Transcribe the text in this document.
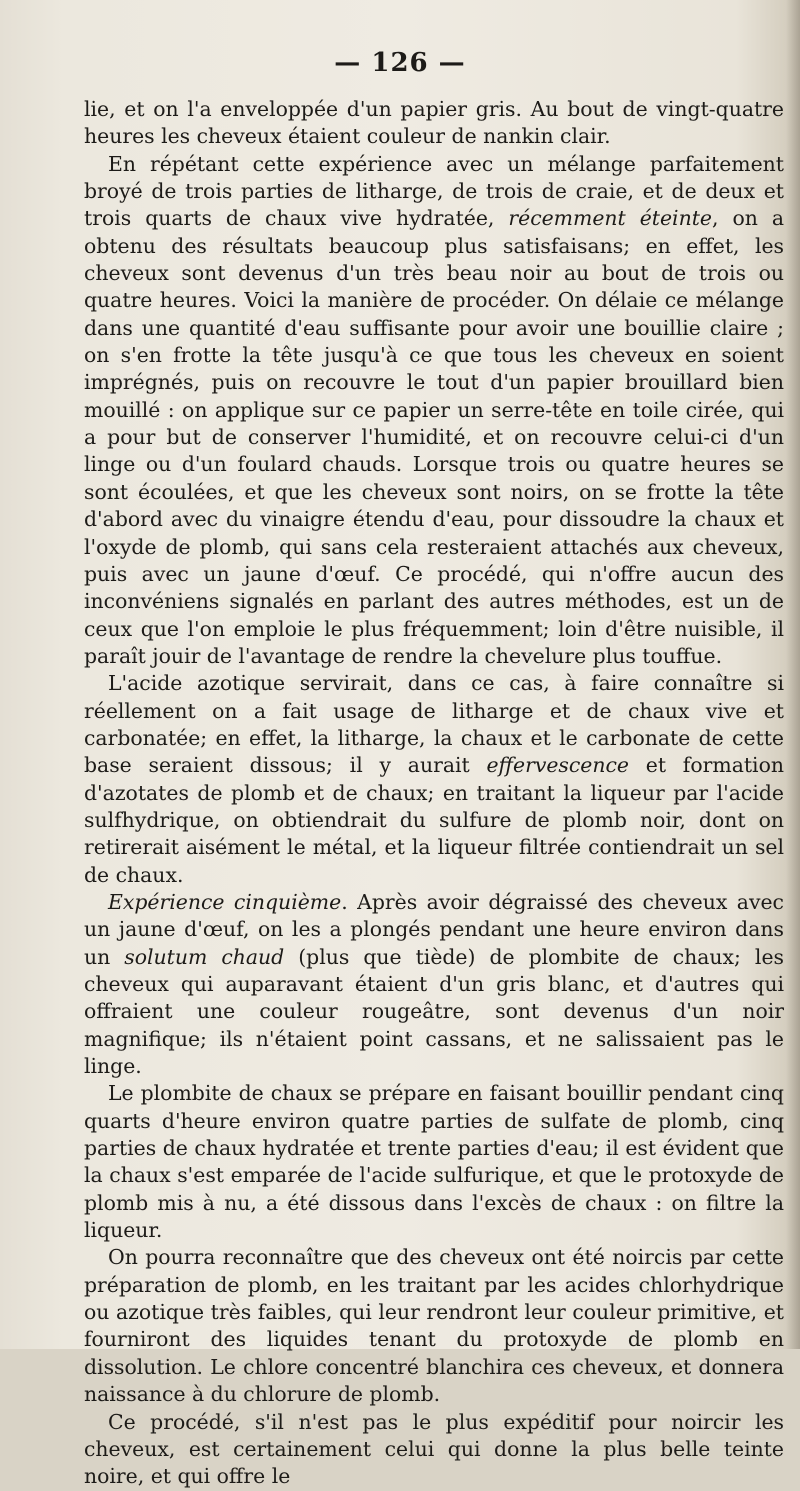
— 126 —

lie, et on l'a enveloppée d'un papier gris. Au bout de vingt-quatre heures les cheveux étaient couleur de nankin clair.

En répétant cette expérience avec un mélange parfaitement broyé de trois parties de litharge, de trois de craie, et de deux et trois quarts de chaux vive hydratée, récemment éteinte, on a obtenu des résultats beaucoup plus satisfaisans; en effet, les cheveux sont devenus d'un très beau noir au bout de trois ou quatre heures. Voici la manière de procéder. On délaie ce mélange dans une quantité d'eau suffisante pour avoir une bouillie claire ; on s'en frotte la tête jusqu'à ce que tous les cheveux en soient imprégnés, puis on recouvre le tout d'un papier brouillard bien mouillé : on applique sur ce papier un serre-tête en toile cirée, qui a pour but de conserver l'humidité, et on recouvre celui-ci d'un linge ou d'un foulard chauds. Lorsque trois ou quatre heures se sont écoulées, et que les cheveux sont noirs, on se frotte la tête d'abord avec du vinaigre étendu d'eau, pour dissoudre la chaux et l'oxyde de plomb, qui sans cela resteraient attachés aux cheveux, puis avec un jaune d'œuf. Ce procédé, qui n'offre aucun des inconvéniens signalés en parlant des autres méthodes, est un de ceux que l'on emploie le plus fréquemment; loin d'être nuisible, il paraît jouir de l'avantage de rendre la chevelure plus touffue.

L'acide azotique servirait, dans ce cas, à faire connaître si réellement on a fait usage de litharge et de chaux vive et carbonatée; en effet, la litharge, la chaux et le carbonate de cette base seraient dissous; il y aurait effervescence et formation d'azotates de plomb et de chaux; en traitant la liqueur par l'acide sulfhydrique, on obtiendrait du sulfure de plomb noir, dont on retirerait aisément le métal, et la liqueur filtrée contiendrait un sel de chaux.

Expérience cinquième. Après avoir dégraissé des cheveux avec un jaune d'œuf, on les a plongés pendant une heure environ dans un solutum chaud (plus que tiède) de plombite de chaux; les cheveux qui auparavant étaient d'un gris blanc, et d'autres qui offraient une couleur rougeâtre, sont devenus d'un noir magnifique; ils n'étaient point cassans, et ne salissaient pas le linge.

Le plombite de chaux se prépare en faisant bouillir pendant cinq quarts d'heure environ quatre parties de sulfate de plomb, cinq parties de chaux hydratée et trente parties d'eau; il est évident que la chaux s'est emparée de l'acide sulfurique, et que le protoxyde de plomb mis à nu, a été dissous dans l'excès de chaux : on filtre la liqueur.

On pourra reconnaître que des cheveux ont été noircis par cette préparation de plomb, en les traitant par les acides chlorhydrique ou azotique très faibles, qui leur rendront leur couleur primitive, et fourniront des liquides tenant du protoxyde de plomb en dissolution. Le chlore concentré blanchira ces cheveux, et donnera naissance à du chlorure de plomb.

Ce procédé, s'il n'est pas le plus expéditif pour noircir les cheveux, est certainement celui qui donne la plus belle teinte noire, et qui offre le
